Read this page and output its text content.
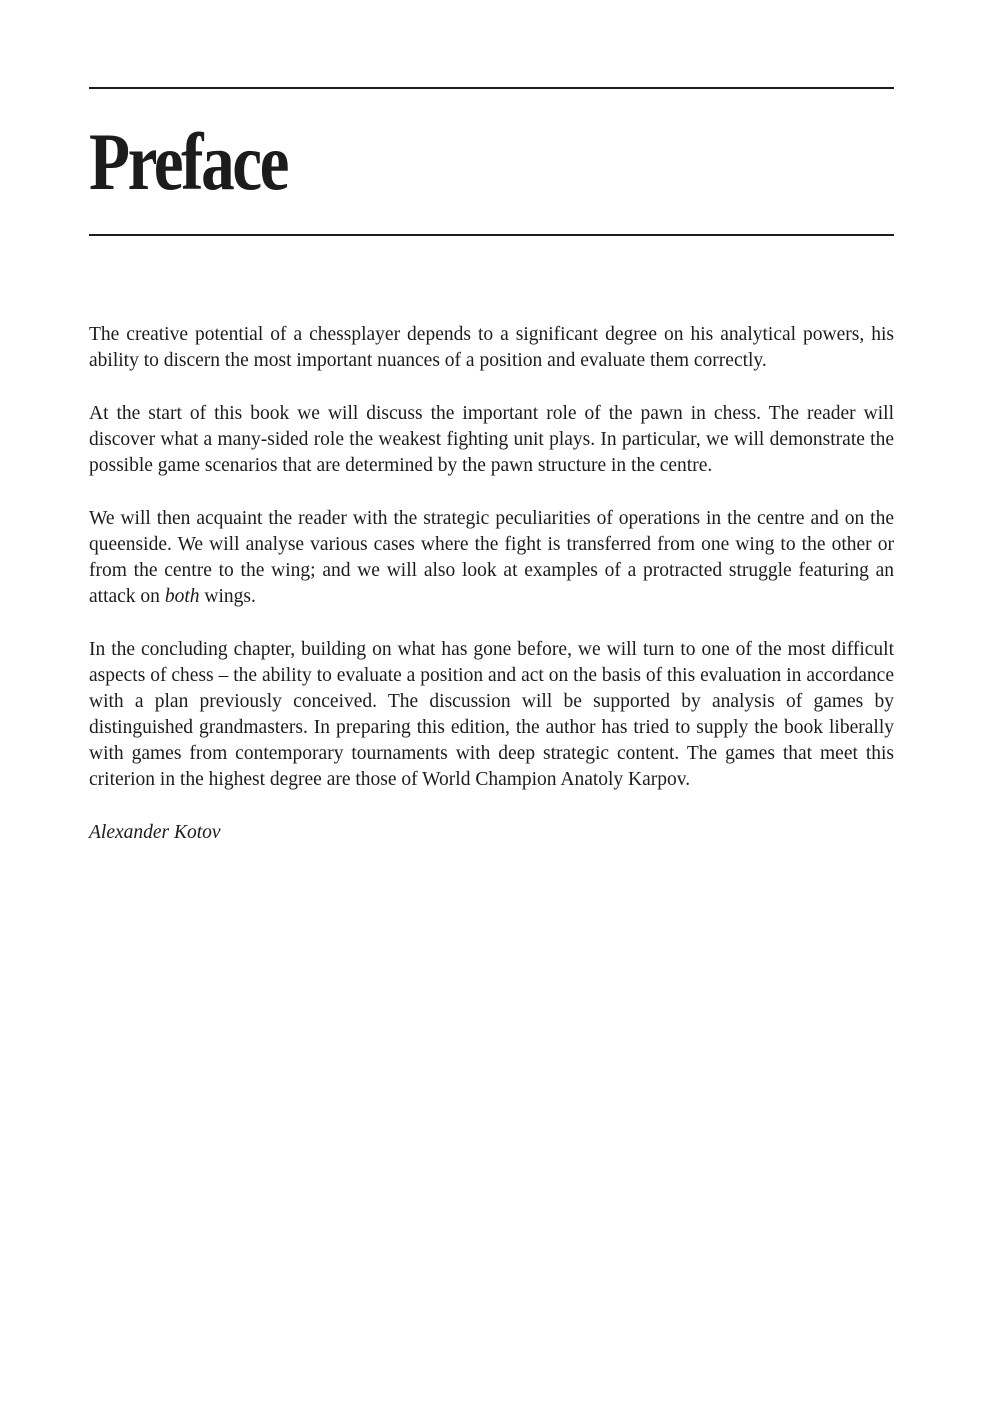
Preface

The creative potential of a chessplayer depends to a significant degree on his analytical powers, his ability to discern the most important nuances of a position and evaluate them correctly.

At the start of this book we will discuss the important role of the pawn in chess. The reader will discover what a many-sided role the weakest fighting unit plays. In particular, we will demonstrate the possible game scenarios that are determined by the pawn structure in the centre.

We will then acquaint the reader with the strategic peculiarities of operations in the centre and on the queenside. We will analyse various cases where the fight is transferred from one wing to the other or from the centre to the wing; and we will also look at examples of a protracted struggle featuring an attack on both wings.

In the concluding chapter, building on what has gone before, we will turn to one of the most difficult aspects of chess – the ability to evaluate a position and act on the basis of this evaluation in accordance with a plan previously conceived. The discussion will be supported by analysis of games by distinguished grandmasters. In preparing this edition, the author has tried to supply the book liberally with games from contemporary tournaments with deep strategic content. The games that meet this criterion in the highest degree are those of World Champion Anatoly Karpov.

Alexander Kotov
